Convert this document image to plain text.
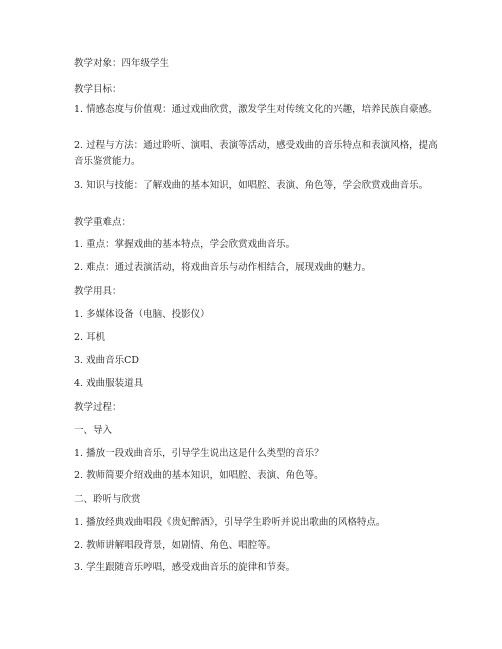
教学对象：四年级学生
教学目标：
1. 情感态度与价值观：通过戏曲欣赏，激发学生对传统文化的兴趣，培养民族自豪感。
2. 过程与方法：通过聆听、演唱、表演等活动，感受戏曲的音乐特点和表演风格，提高音乐鉴赏能力。
3. 知识与技能：了解戏曲的基本知识，如唱腔、表演、角色等，学会欣赏戏曲音乐。
教学重难点：
1. 重点：掌握戏曲的基本特点，学会欣赏戏曲音乐。
2. 难点：通过表演活动，将戏曲音乐与动作相结合，展现戏曲的魅力。
教学用具：
1. 多媒体设备（电脑、投影仪）
2. 耳机
3. 戏曲音乐CD
4. 戏曲服装道具
教学过程：
一、导入
1. 播放一段戏曲音乐，引导学生说出这是什么类型的音乐？
2. 教师简要介绍戏曲的基本知识，如唱腔、表演、角色等。
二、聆听与欣赏
1. 播放经典戏曲唱段《贵妃醉酒》，引导学生聆听并说出歌曲的风格特点。
2. 教师讲解唱段背景，如剧情、角色、唱腔等。
3. 学生跟随音乐哼唱，感受戏曲音乐的旋律和节奏。
